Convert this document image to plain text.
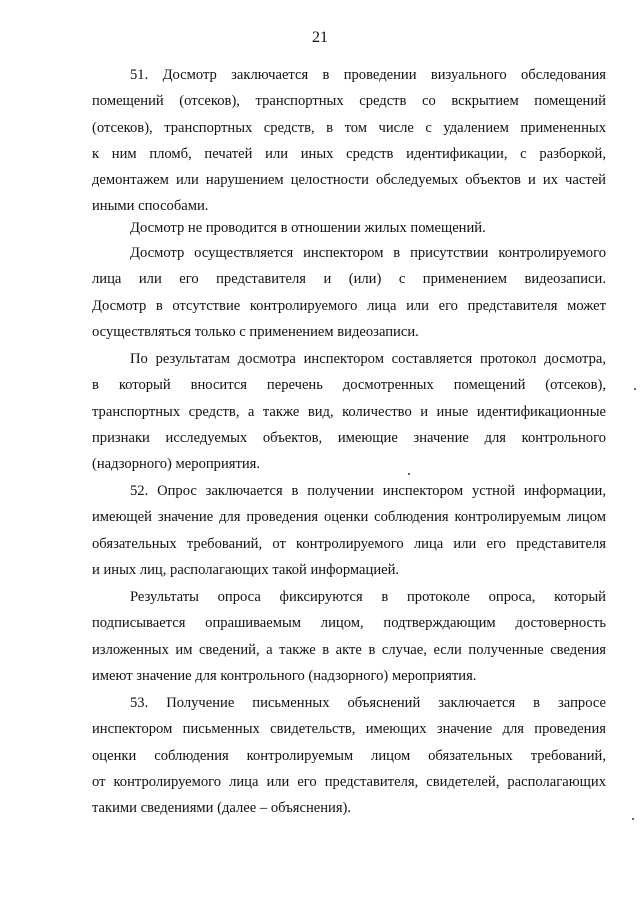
21
51. Досмотр заключается в проведении визуального обследования
помещений (отсеков), транспортных средств со вскрытием помещений
(отсеков), транспортных средств, в том числе с удалением примененных
к ним пломб, печатей или иных средств идентификации, с разборкой,
демонтажем или нарушением целостности обследуемых объектов и их частей
иными способами.
Досмотр не проводится в отношении жилых помещений.
Досмотр осуществляется инспектором в присутствии контролируемого
лица или его представителя и (или) с применением видеозаписи.
Досмотр в отсутствие контролируемого лица или его представителя может
осуществляться только с применением видеозаписи.
По результатам досмотра инспектором составляется протокол досмотра,
в который вносится перечень досмотренных помещений (отсеков),
транспортных средств, а также вид, количество и иные идентификационные
признаки исследуемых объектов, имеющие значение для контрольного
(надзорного) мероприятия.
52. Опрос заключается в получении инспектором устной информации,
имеющей значение для проведения оценки соблюдения контролируемым лицом
обязательных требований, от контролируемого лица или его представителя
и иных лиц, располагающих такой информацией.
Результаты опроса фиксируются в протоколе опроса, который
подписывается опрашиваемым лицом, подтверждающим достоверность
изложенных им сведений, а также в акте в случае, если полученные сведения
имеют значение для контрольного (надзорного) мероприятия.
53. Получение письменных объяснений заключается в запросе
инспектором письменных свидетельств, имеющих значение для проведения
оценки соблюдения контролируемым лицом обязательных требований,
от контролируемого лица или его представителя, свидетелей, располагающих
такими сведениями (далее – объяснения).
